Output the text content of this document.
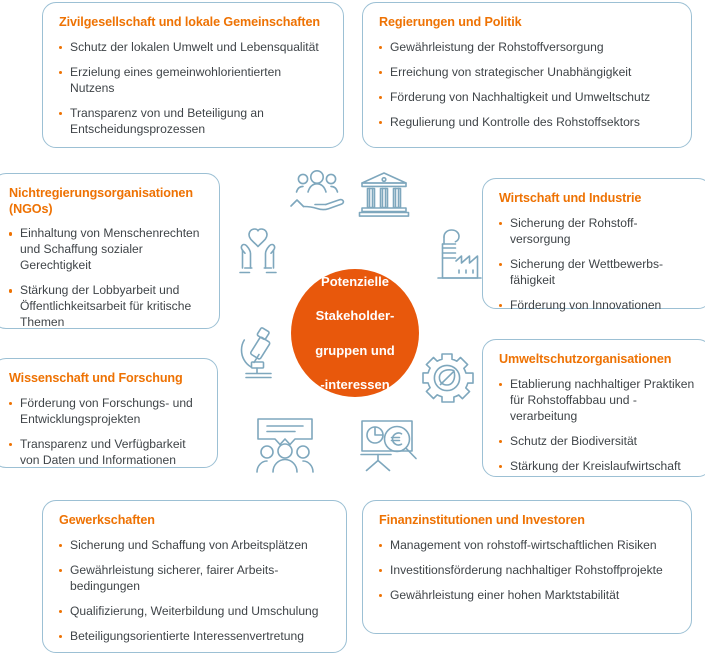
Zivilgesellschaft und lokale Gemeinschaften
Schutz der lokalen Umwelt und Lebensqualität
Erzielung eines gemeinwohlorientierten Nutzens
Transparenz von und Beteiligung an Entscheidungsprozessen
Regierungen und Politik
Gewährleistung der Rohstoffversorgung
Erreichung von strategischer Unabhängigkeit
Förderung von Nachhaltigkeit und Umweltschutz
Regulierung und Kontrolle des Rohstoffsektors
Nichtregierungsorganisationen (NGOs)
Einhaltung von Menschenrechten und Schaffung sozialer Gerechtigkeit
Stärkung der Lobbyarbeit und Öffentlichkeitsarbeit für kritische Themen
Wirtschaft und Industrie
Sicherung der Rohstoff-versorgung
Sicherung der Wettbewerbs-fähigkeit
Förderung von Innovationen
Wissenschaft und Forschung
Förderung von Forschungs- und Entwicklungsprojekten
Transparenz und Verfügbarkeit von Daten und Informationen
Umweltschutzorganisationen
Etablierung nachhaltiger Praktiken für Rohstoffabbau und -verarbeitung
Schutz der Biodiversität
Stärkung der Kreislaufwirtschaft
Gewerkschaften
Sicherung und Schaffung von Arbeitsplätzen
Gewährleistung sicherer, fairer Arbeits-bedingungen
Qualifizierung, Weiterbildung und Umschulung
Beteiligungsorientierte Interessenvertretung
Finanzinstitutionen und Investoren
Management von rohstoff-wirtschaftlichen Risiken
Investitionsförderung nachhaltiger Rohstoffprojekte
Gewährleistung einer hohen Marktstabilität
Potenzielle

Stakeholder-

gruppen und

-interessen
